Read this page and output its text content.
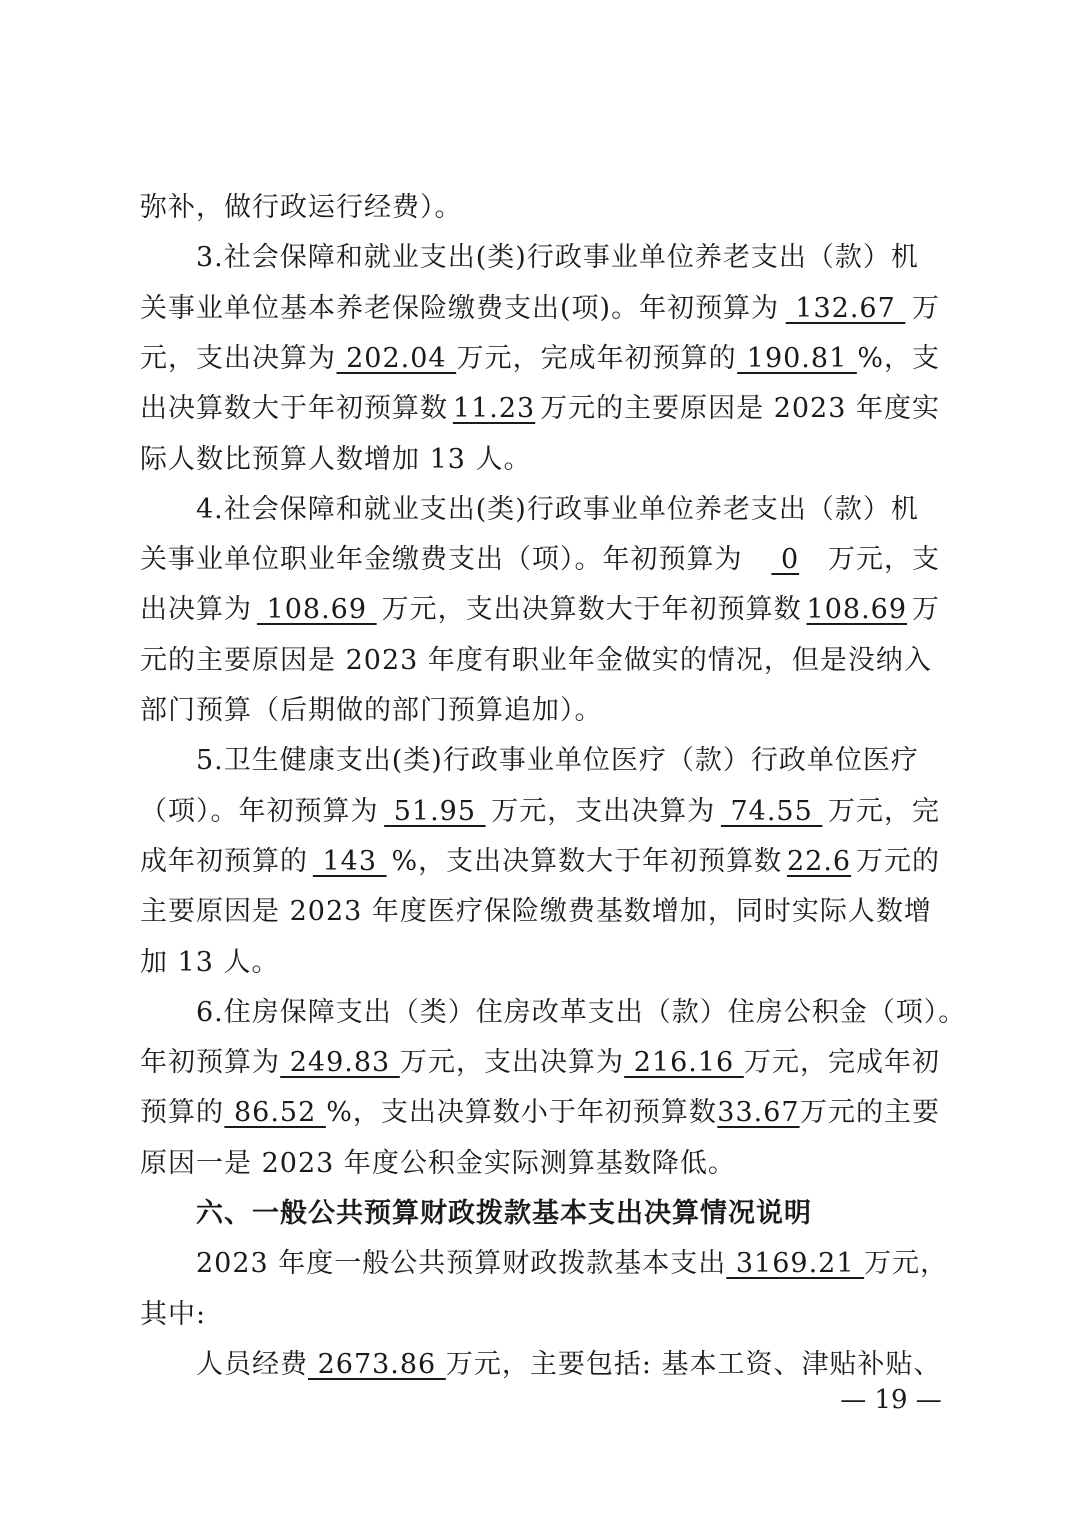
弥补，做行政运行经费）。
3.社会保障和就业支出(类)行政事业单位养老支出（款）机
关事业单位基本养老保险缴费支出(项)。年初预算为 132.67 万
元，支出决算为 202.04 万元，完成年初预算的 190.81 %，支
出决算数大于年初预算数 11.23 万元的主要原因是 2023 年度实
际人数比预算人数增加 13 人。
4.社会保障和就业支出(类)行政事业单位养老支出（款）机
关事业单位职业年金缴费支出（项）。年初预算为 0 万元，支
出决算为 108.69 万元，支出决算数大于年初预算数 108.69 万
元的主要原因是 2023 年度有职业年金做实的情况，但是没纳入
部门预算（后期做的部门预算追加）。
5.卫生健康支出(类)行政事业单位医疗（款）行政单位医疗
（项）。年初预算为 51.95 万元，支出决算为 74.55 万元，完
成年初预算的 143 %，支出决算数大于年初预算数 22.6 万元的
主要原因是 2023 年度医疗保险缴费基数增加，同时实际人数增
加 13 人。
6.住房保障支出（类）住房改革支出（款）住房公积金（项）。
年初预算为 249.83 万元，支出决算为 216.16 万元，完成年初
预算的 86.52 %，支出决算数小于年初预算数 33.67 万元的主要
原因一是 2023 年度公积金实际测算基数降低。
六、一般公共预算财政拨款基本支出决算情况说明
2023 年度一般公共预算财政拨款基本支出 3169.21 万元，
其中:
人员经费 2673.86 万元，主要包括: 基本工资、津贴补贴、
— 19 —
